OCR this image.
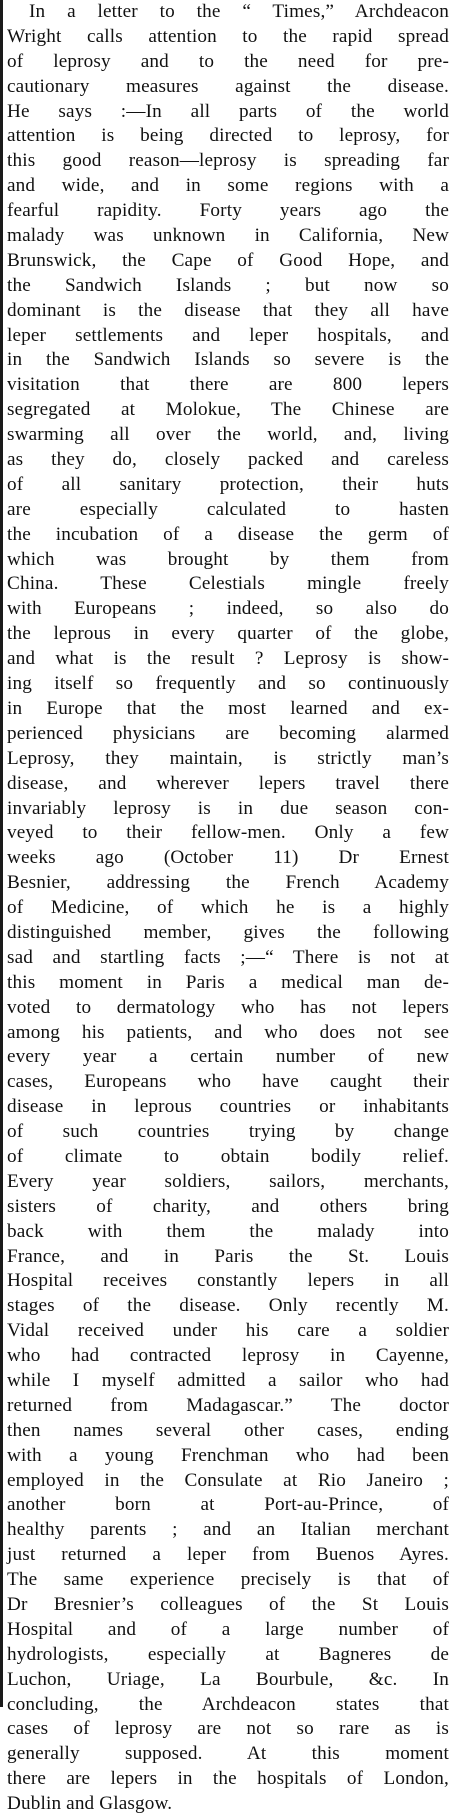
In a letter to the “ Times,” Archdeacon
Wright calls attention to the rapid spread
of leprosy and to the need for pre-
cautionary measures against the disease.
He says :—In all parts of the world
attention is being directed to leprosy, for
this good reason—leprosy is spreading far
and wide, and in some regions with a
fearful rapidity. Forty years ago the
malady was unknown in California, New
Brunswick, the Cape of Good Hope, and
the Sandwich Islands ; but now so
dominant is the disease that they all have
leper settlements and leper hospitals, and
in the Sandwich Islands so severe is the
visitation that there are 800 lepers
segregated at Molokue, The Chinese are
swarming all over the world, and, living
as they do, closely packed and careless
of all sanitary protection, their huts
are especially calculated to hasten
the incubation of a disease the germ of
which was brought by them from
China. These Celestials mingle freely
with Europeans ; indeed, so also do
the leprous in every quarter of the globe,
and what is the result ? Leprosy is show-
ing itself so frequently and so continuously
in Europe that the most learned and ex-
perienced physicians are becoming alarmed
Leprosy, they maintain, is strictly man’s
disease, and wherever lepers travel there
invariably leprosy is in due season con-
veyed to their fellow-men. Only a few
weeks ago (October 11) Dr Ernest
Besnier, addressing the French Academy
of Medicine, of which he is a highly
distinguished member, gives the following
sad and startling facts ;—“ There is not at
this moment in Paris a medical man de-
voted to dermatology who has not lepers
among his patients, and who does not see
every year a certain number of new
cases, Europeans who have caught their
disease in leprous countries or inhabitants
of such countries trying by change
of climate to obtain bodily relief.
Every year soldiers, sailors, merchants,
sisters of charity, and others bring
back with them the malady into
France, and in Paris the St. Louis
Hospital receives constantly lepers in all
stages of the disease. Only recently M.
Vidal received under his care a soldier
who had contracted leprosy in Cayenne,
while I myself admitted a sailor who had
returned from Madagascar.” The doctor
then names several other cases, ending
with a young Frenchman who had been
employed in the Consulate at Rio Janeiro ;
another born at Port-au-Prince, of
healthy parents ; and an Italian merchant
just returned a leper from Buenos Ayres.
The same experience precisely is that of
Dr Bresnier’s colleagues of the St Louis
Hospital and of a large number of
hydrologists, especially at Bagneres de
Luchon, Uriage, La Bourbule, &c. In
concluding, the Archdeacon states that
cases of leprosy are not so rare as is
generally supposed. At this moment
there are lepers in the hospitals of London,
Dublin and Glasgow.
